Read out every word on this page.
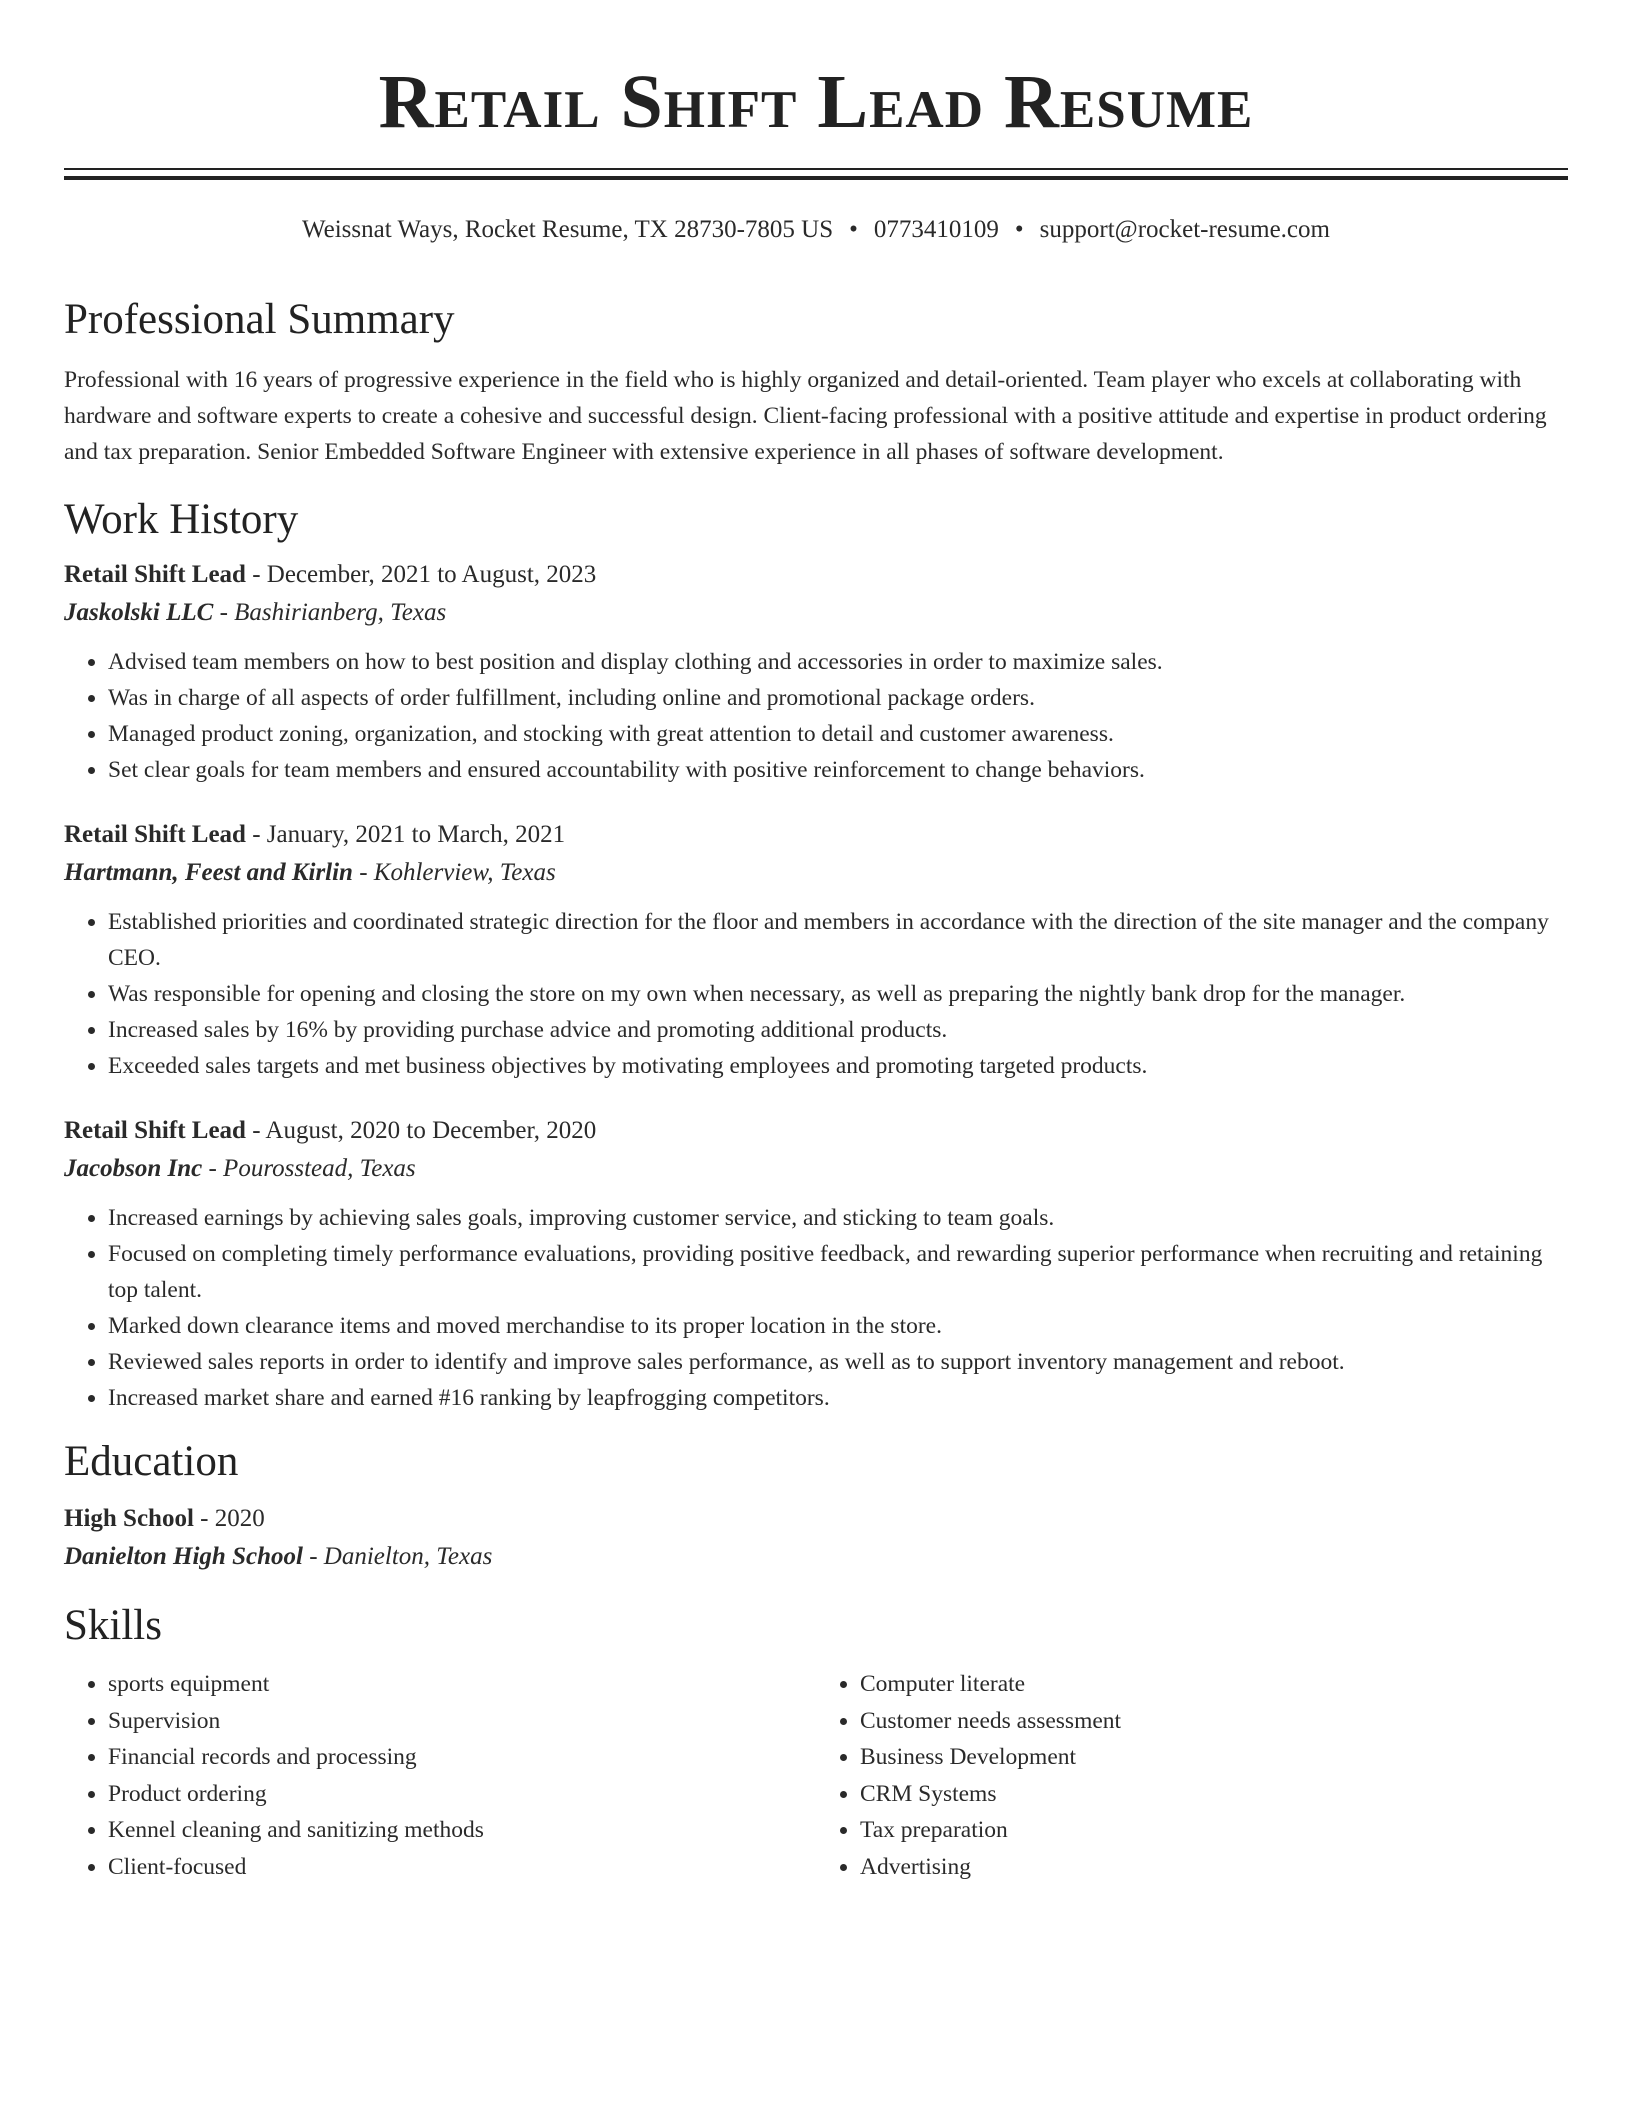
Retail Shift Lead Resume
Weissnat Ways, Rocket Resume, TX 28730-7805 US • 0773410109 • support@rocket-resume.com
Professional Summary

Professional with 16 years of progressive experience in the field who is highly organized and detail-oriented. Team player who excels at collaborating with hardware and software experts to create a cohesive and successful design. Client-facing professional with a positive attitude and expertise in product ordering and tax preparation. Senior Embedded Software Engineer with extensive experience in all phases of software development.

Work History
Retail Shift Lead - December, 2021 to August, 2023
Jaskolski LLC - Bashirianberg, Texas
• Advised team members on how to best position and display clothing and accessories in order to maximize sales.
• Was in charge of all aspects of order fulfillment, including online and promotional package orders.
• Managed product zoning, organization, and stocking with great attention to detail and customer awareness.
• Set clear goals for team members and ensured accountability with positive reinforcement to change behaviors.
Retail Shift Lead - January, 2021 to March, 2021
Hartmann, Feest and Kirlin - Kohlerview, Texas
• Established priorities and coordinated strategic direction for the floor and members in accordance with the direction of the site manager and the company CEO.
• Was responsible for opening and closing the store on my own when necessary, as well as preparing the nightly bank drop for the manager.
• Increased sales by 16% by providing purchase advice and promoting additional products.
• Exceeded sales targets and met business objectives by motivating employees and promoting targeted products.
Retail Shift Lead - August, 2020 to December, 2020
Jacobson Inc - Pourosstead, Texas
• Increased earnings by achieving sales goals, improving customer service, and sticking to team goals.
• Focused on completing timely performance evaluations, providing positive feedback, and rewarding superior performance when recruiting and retaining top talent.
• Marked down clearance items and moved merchandise to its proper location in the store.
• Reviewed sales reports in order to identify and improve sales performance, as well as to support inventory management and reboot.
• Increased market share and earned #16 ranking by leapfrogging competitors.
Education
High School - 2020
Danielton High School - Danielton, Texas
Skills
• sports equipment
• Supervision
• Financial records and processing
• Product ordering
• Kennel cleaning and sanitizing methods
• Client-focused
• Computer literate
• Customer needs assessment
• Business Development
• CRM Systems
• Tax preparation
• Advertising
